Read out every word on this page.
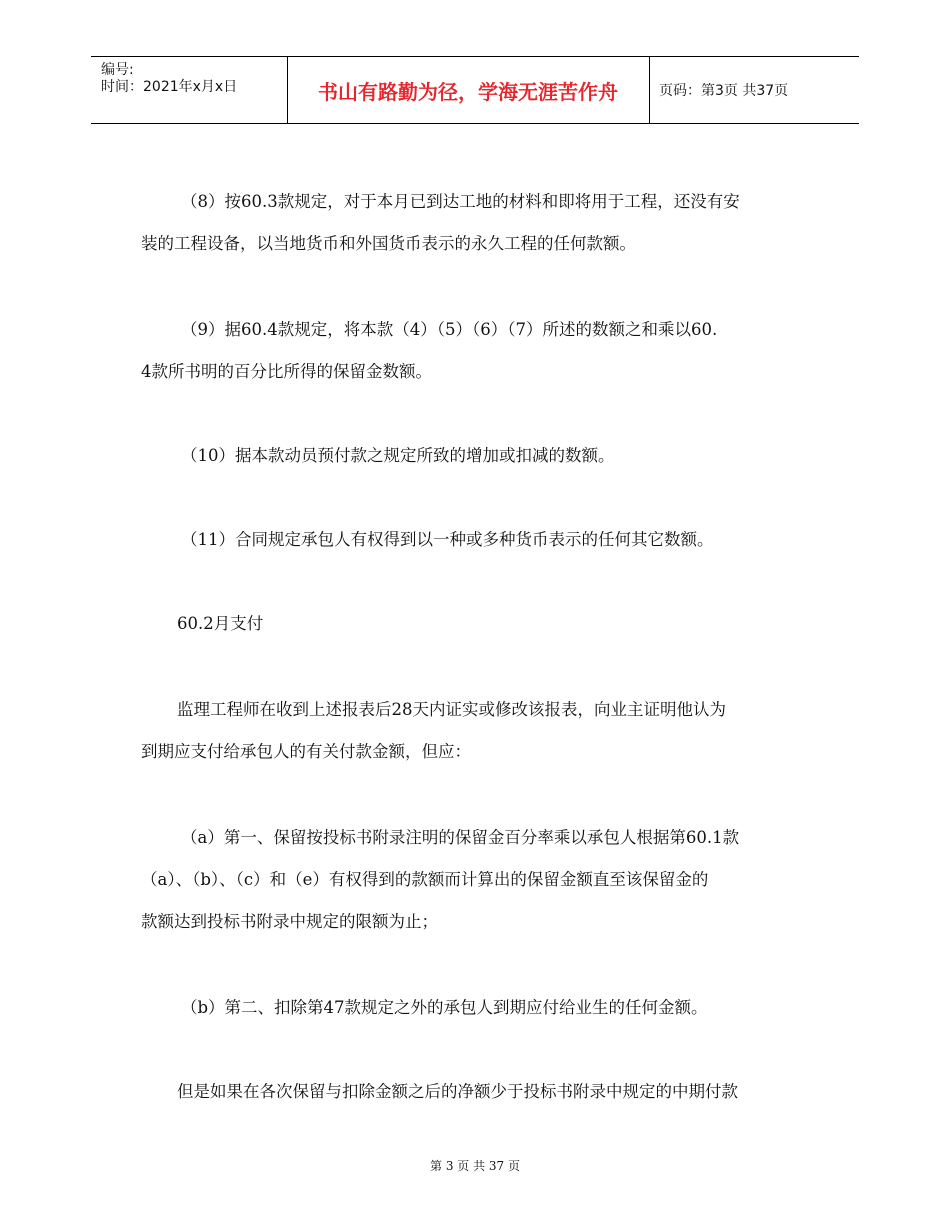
编号:
时间：2021年x月x日	书山有路勤为径，学海无涯苦作舟	页码：第3页 共37页
（8）按60.3款规定，对于本月已到达工地的材料和即将用于工程，还没有安
装的工程设备，以当地货币和外国货币表示的永久工程的任何款额。
（9）据60.4款规定，将本款（4）（5）（6）（7）所述的数额之和乘以60.
4款所书明的百分比所得的保留金数额。
（10）据本款动员预付款之规定所致的增加或扣减的数额。
（11）合同规定承包人有权得到以一种或多种货币表示的任何其它数额。
60.2月支付
监理工程师在收到上述报表后28天内证实或修改该报表，向业主证明他认为
到期应支付给承包人的有关付款金额，但应：
（a）第一、保留按投标书附录注明的保留金百分率乘以承包人根据第60.1款
（a）、（b）、（c）和（e）有权得到的款额而计算出的保留金额直至该保留金的
款额达到投标书附录中规定的限额为止；
（b）第二、扣除第47款规定之外的承包人到期应付给业生的任何金额。
但是如果在各次保留与扣除金额之后的净额少于投标书附录中规定的中期付款
第 3 页 共 37 页
